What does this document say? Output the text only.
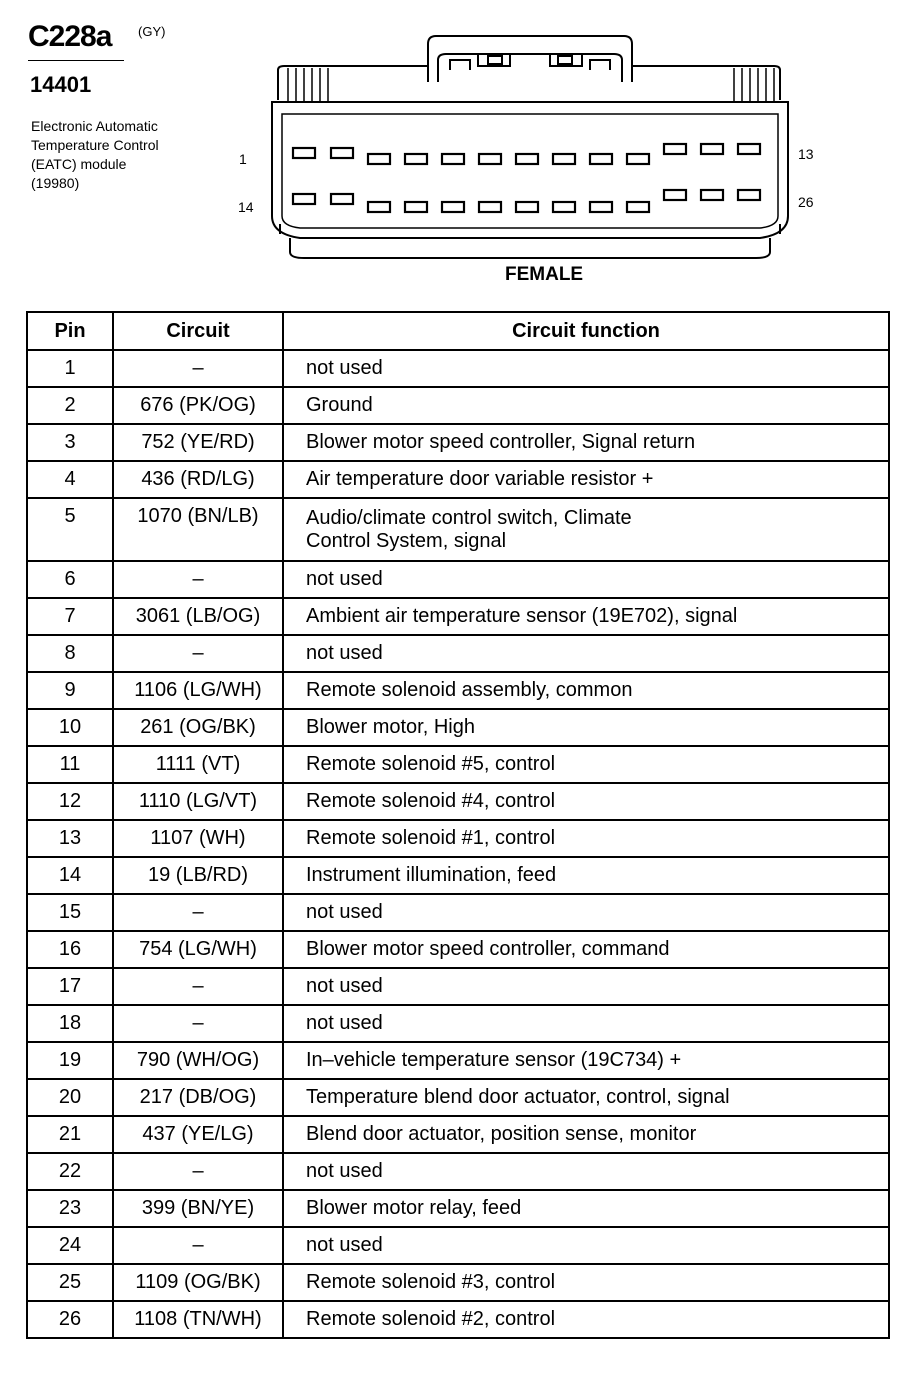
C228a (GY)
14401
Electronic Automatic
Temperature Control
(EATC) module
(19980)
1	13
14	26
FEMALE
Pin	Circuit	Circuit function
1	–	not used
2	676 (PK/OG)	Ground
3	752 (YE/RD)	Blower motor speed controller, Signal return
4	436 (RD/LG)	Air temperature door variable resistor +
5	1070 (BN/LB)	Audio/climate control switch, Climate
Control System, signal

6	–	not used
7	3061 (LB/OG)	Ambient air temperature sensor (19E702), signal
8	–	not used
9	1106 (LG/WH)	Remote solenoid assembly, common
10	261 (OG/BK)	Blower motor, High
11	1111 (VT)	Remote solenoid #5, control
12	1110 (LG/VT)	Remote solenoid #4, control
13	1107 (WH)	Remote solenoid #1, control
14	19 (LB/RD)	Instrument illumination, feed
15	–	not used
16	754 (LG/WH)	Blower motor speed controller, command
17	–	not used
18	–	not used
19	790 (WH/OG)	In–vehicle temperature sensor (19C734) +
20	217 (DB/OG)	Temperature blend door actuator, control, signal
21	437 (YE/LG)	Blend door actuator, position sense, monitor
22	–	not used
23	399 (BN/YE)	Blower motor relay, feed
24	–	not used
25	1109 (OG/BK)	Remote solenoid #3, control
26	1108 (TN/WH)	Remote solenoid #2, control
